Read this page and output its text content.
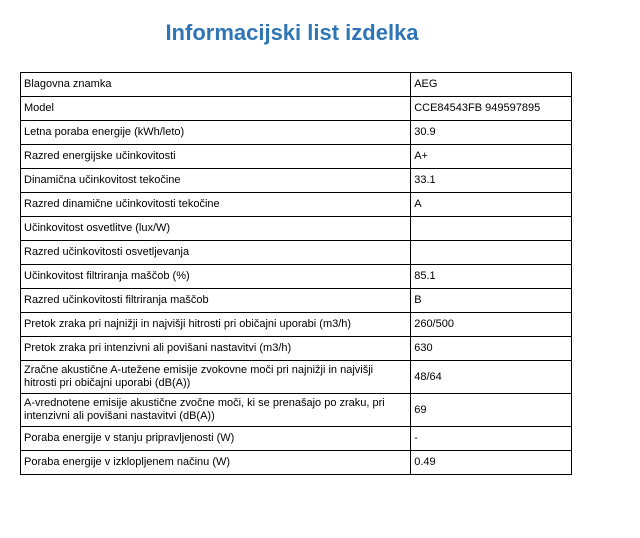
Informacijski list izdelka
Blagovna znamka	AEG
Model	CCE84543FB 949597895
Letna poraba energije (kWh/leto)	30.9
Razred energijske učinkovitosti	A+
Dinamična učinkovitost tekočine	33.1
Razred dinamične učinkovitosti tekočine	A
Učinkovitost osvetlitve (lux/W)	
Razred učinkovitosti osvetljevanja	
Učinkovitost filtriranja maščob (%)	85.1
Razred učinkovitosti filtriranja maščob	B
Pretok zraka pri najnižji in najvišji hitrosti pri običajni uporabi (m3/h)	260/500
Pretok zraka pri intenzivni ali povišani nastavitvi (m3/h)	630
Zračne akustične A-utežene emisije zvokovne moči pri najnižji in najvišji hitrosti pri običajni uporabi (dB(A))	48/64
A-vrednotene emisije akustične zvočne moči, ki se prenašajo po zraku, pri intenzivni ali povišani nastavitvi (dB(A))	69
Poraba energije v stanju pripravljenosti (W)	-
Poraba energije v izklopljenem načinu (W)	0.49
